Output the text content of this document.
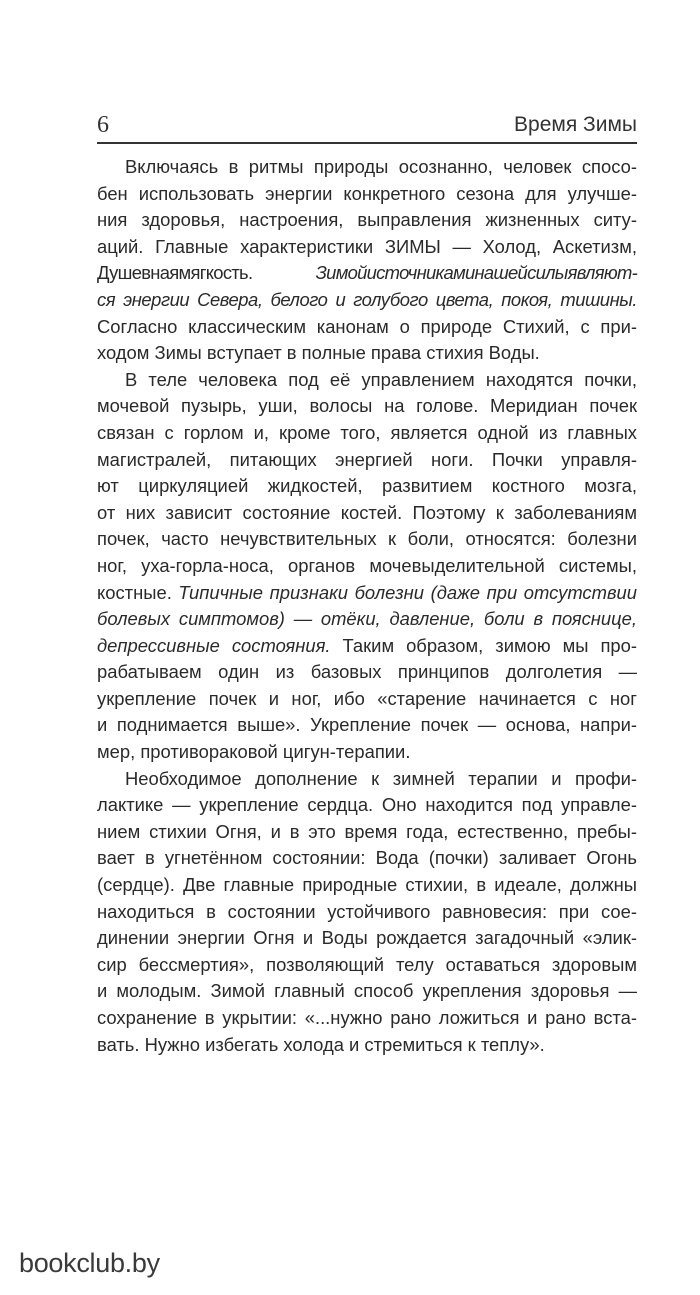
6	Время Зимы

Включаясь в ритмы природы осознанно, человек спосо-
бен использовать энергии конкретного сезона для улучше-
ния здоровья, настроения, выправления жизненных ситу-
аций. Главные характеристики ЗИМЫ — Холод, Аскетизм,
Душевнаямягкость. Зимойисточникаминашейсилыявляют-
ся энергии Севера, белого и голубого цвета, покоя, тишины.
Согласно классическим канонам о природе Стихий, с при-
ходом Зимы вступает в полные права стихия Воды.

В теле человека под её управлением находятся почки,
мочевой пузырь, уши, волосы на голове. Меридиан почек
связан с горлом и, кроме того, является одной из главных
магистралей, питающих энергией ноги. Почки управля-
ют циркуляцией жидкостей, развитием костного мозга,
от них зависит состояние костей. Поэтому к заболеваниям
почек, часто нечувствительных к боли, относятся: болезни
ног, уха-горла-носа, органов мочевыделительной системы,
костные. Типичные признаки болезни (даже при отсутствии
болевых симптомов) — отёки, давление, боли в пояснице,
депрессивные состояния. Таким образом, зимою мы про-
рабатываем один из базовых принципов долголетия —
укрепление почек и ног, ибо «старение начинается с ног
и поднимается выше». Укрепление почек — основа, напри-
мер, противораковой цигун-терапии.

Необходимое дополнение к зимней терапии и профи-
лактике — укрепление сердца. Оно находится под управле-
нием стихии Огня, и в это время года, естественно, пребы-
вает в угнетённом состоянии: Вода (почки) заливает Огонь
(сердце). Две главные природные стихии, в идеале, должны
находиться в состоянии устойчивого равновесия: при сое-
динении энергии Огня и Воды рождается загадочный «элик-
сир бессмертия», позволяющий телу оставаться здоровым
и молодым. Зимой главный способ укрепления здоровья —
сохранение в укрытии: «...нужно рано ложиться и рано вста-
вать. Нужно избегать холода и стремиться к теплу».

bookclub.by
